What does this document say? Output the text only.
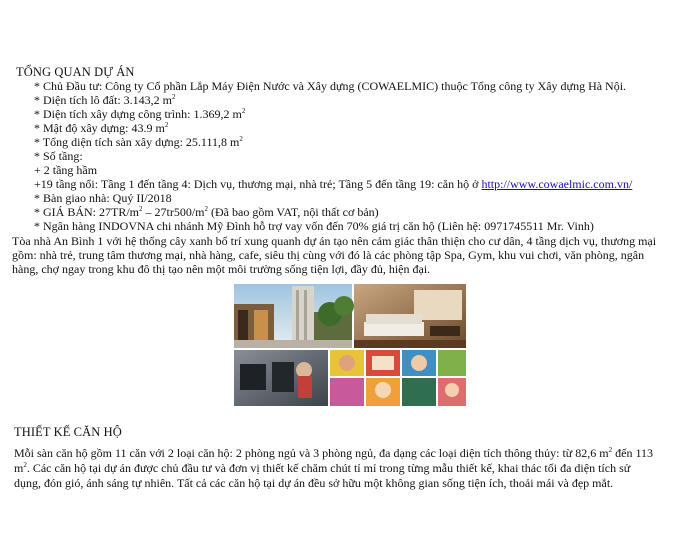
TỔNG QUAN DỰ ÁN
* Chủ Đầu tư: Công ty Cổ phần Lắp Máy Điện Nước và Xây dựng (COWAELMIC) thuộc Tổng công ty Xây dựng Hà Nội.
* Diện tích lô đất: 3.143,2 $m^2$
* Diện tích xây dựng công trình: 1.369,2 $m^2$
* Mật độ xây dựng: 43.9 $m^2$
* Tổng diện tích sàn xây dựng: 25.111,8 $m^2$
* Số tầng:
+ 2 tầng hầm
+19 tầng nổi: Tầng 1 đến tầng 4: Dịch vụ, thương mại, nhà trẻ; Tầng 5 đến tầng 19: căn hộ ở http://www.cowaelmic.com.vn/
* Bàn giao nhà: Quý II/2018
* GIÁ BÁN: $27TR/m^2 - 27tr500/m^2$ (Đã bao gồm VAT, nội thất cơ bản)
* Ngân hàng INDOVNA chi nhánh Mỹ Đình hỗ trợ vay vốn đến 70% giá trị căn hộ (Liên hệ: 0971745511 Mr. Vinh)
Tòa nhà An Bình 1 với hệ thống cây xanh bố trí xung quanh dự án tạo nên cảm giác thân thiện cho cư dân, 4 tầng dịch vụ, thương mại
gồm: nhà trẻ, trung tâm thương mại, nhà hàng, cafe, siêu thị cùng với đó là các phòng tập Spa, Gym, khu vui chơi, văn phòng, ngân
hàng, chợ ngay trong khu đô thị tạo nên một môi trường sống tiện lợi, đầy đủ, hiện đại.
THIẾT KẾ CĂN HỘ
Mỗi sàn căn hộ gồm 11 căn với 2 loại căn hộ: 2 phòng ngủ và 3 phòng ngủ, đa dạng các loại diện tích thông thủy: từ 82,6 $m^2$ đến 113
$m^2$. Các căn hộ tại dự án được chủ đầu tư và đơn vị thiết kế chăm chút tỉ mỉ trong từng mẫu thiết kế, khai thác tối đa diện tích sử
dụng, đón gió, ánh sáng tự nhiên. Tất cả các căn hộ tại dự án đều sở hữu một không gian sống tiện ích, thoải mái và đẹp mắt.
